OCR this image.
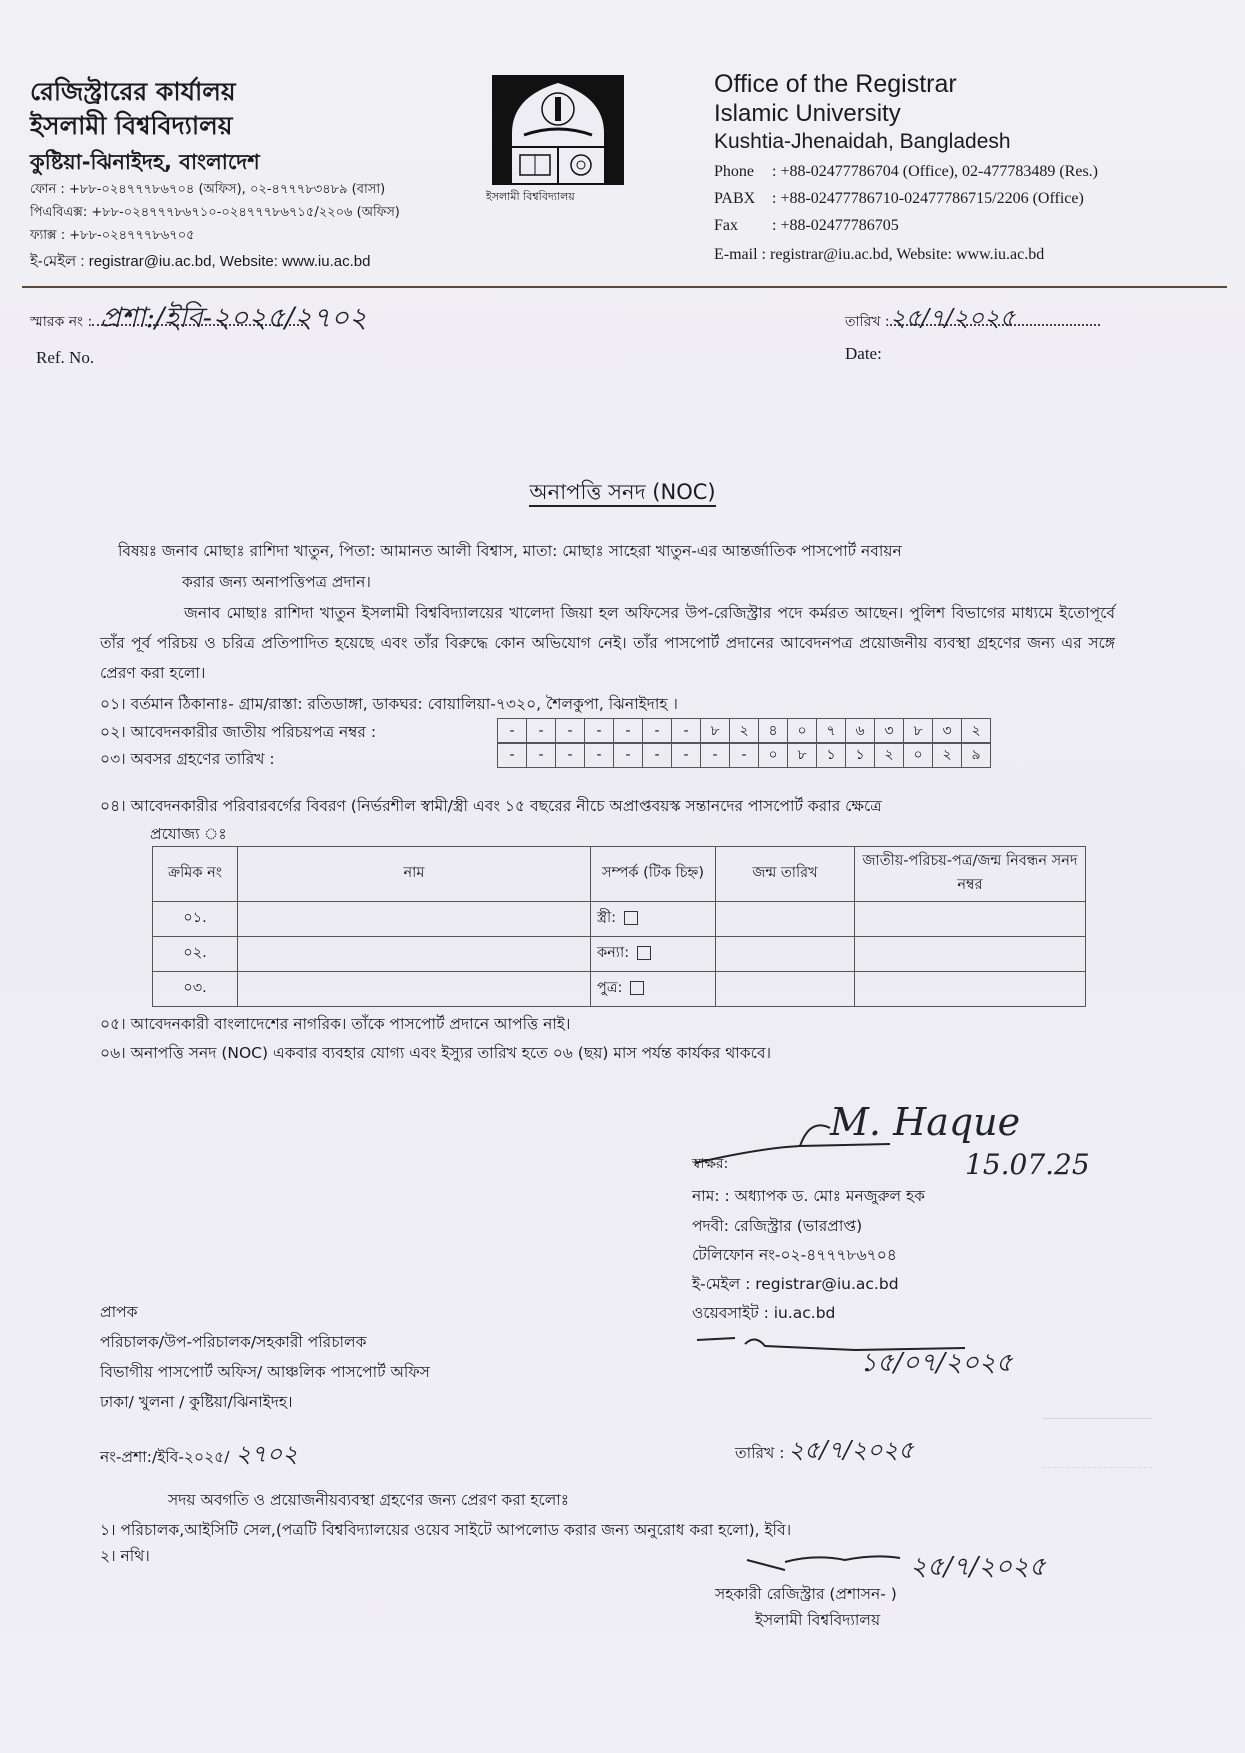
রেজিস্ট্রারের কার্যালয়
ইসলামী বিশ্ববিদ্যালয়
কুষ্টিয়া-ঝিনাইদহ, বাংলাদেশ
ফোন : +৮৮-০২৪৭৭৭৮৬৭০৪ (অফিস), ০২-৪৭৭৭৮৩৪৮৯ (বাসা)
পিএবিএক্স: +৮৮-০২৪৭৭৭৮৬৭১০-০২৪৭৭৭৮৬৭১৫/২২০৬ (অফিস)
ফ্যাক্স : +৮৮-০২৪৭৭৭৮৬৭০৫
ই-মেইল : registrar@iu.ac.bd, Website: www.iu.ac.bd
ইসলামী বিশ্ববিদ্যালয়
Office of the Registrar
Islamic University
Kushtia-Jhenaidah, Bangladesh
Phone : +88-02477786704 (Office), 02-477783489 (Res.)
PABX : +88-02477786710-02477786715/2206 (Office)
Fax : +88-02477786705
E-mail : registrar@iu.ac.bd, Website: www.iu.ac.bd
স্মারক নং : প্রশা:/ইবি-২০২৫/২৭০২
Ref. No.
তারিখ : ২৫/৭/২০২৫
Date:
অনাপত্তি সনদ (NOC)
বিষয়ঃ জনাব মোছাঃ রাশিদা খাতুন, পিতা: আমানত আলী বিশ্বাস, মাতা: মোছাঃ সাহেরা খাতুন-এর আন্তর্জাতিক পাসপোর্ট নবায়ন
করার জন্য অনাপত্তিপত্র প্রদান।
জনাব মোছাঃ রাশিদা খাতুন ইসলামী বিশ্ববিদ্যালয়ের খালেদা জিয়া হল অফিসের উপ-রেজিস্ট্রার পদে কর্মরত আছেন। পুলিশ বিভাগের মাধ্যমে ইতোপূর্বে তাঁর পূর্ব পরিচয় ও চরিত্র প্রতিপাদিত হয়েছে এবং তাঁর বিরুদ্ধে কোন অভিযোগ নেই। তাঁর পাসপোর্ট প্রদানের আবেদনপত্র প্রয়োজনীয় ব্যবস্থা গ্রহণের জন্য এর সঙ্গে প্রেরণ করা হলো।
০১। বর্তমান ঠিকানাঃ- গ্রাম/রাস্তা: রতিডাঙ্গা, ডাকঘর: বোয়ালিয়া-৭৩২০, শৈলকুপা, ঝিনাইদাহ ।
০২। আবেদনকারীর জাতীয় পরিচয়পত্র নম্বর :
০৩। অবসর গ্রহণের তারিখ :
-	-	-	-	-	-	-	৮	২	৪	০	৭	৬	৩	৮	৩	২
-	-	-	-	-	-	-	-	-	০	৮	১	১	২	০	২	৯
০৪। আবেদনকারীর পরিবারবর্গের বিবরণ (নির্ভরশীল স্বামী/স্ত্রী এবং ১৫ বছরের নীচে অপ্রাপ্তবয়স্ক সন্তানদের পাসপোর্ট করার ক্ষেত্রে
প্রযোজ্য ঃ
ক্রমিক নং	নাম	সম্পর্ক (টিক চিহ্ন)	জন্ম তারিখ	জাতীয়-পরিচয়-পত্র/জন্ম নিবন্ধন সনদ নম্বর
০১.		স্ত্রী:		
০২.		কন্যা:		
০৩.		পুত্র:		
০৫। আবেদনকারী বাংলাদেশের নাগরিক। তাঁকে পাসপোর্ট প্রদানে আপত্তি নাই।
০৬। অনাপত্তি সনদ (NOC) একবার ব্যবহার যোগ্য এবং ইস্যুর তারিখ হতে ০৬ (ছয়) মাস পর্যন্ত কার্যকর থাকবে।
M. Haque
15.07.25
স্বাক্ষর:
নাম: : অধ্যাপক ড. মোঃ মনজুরুল হক
পদবী: রেজিস্ট্রার (ভারপ্রাপ্ত)
টেলিফোন নং-০২-৪৭৭৭৮৬৭০৪
ই-মেইল : registrar@iu.ac.bd
ওয়েবসাইট : iu.ac.bd
১৫/০৭/২০২৫
প্রাপক
পরিচালক/উপ-পরিচালক/সহকারী পরিচালক
বিভাগীয় পাসপোর্ট অফিস/ আঞ্চলিক পাসপোর্ট অফিস
ঢাকা/ খুলনা / কুষ্টিয়া/ঝিনাইদহ।
নং-প্রশা:/ইবি-২০২৫/ ২৭০২	তারিখ : ২৫/৭/২০২৫
সদয় অবগতি ও প্রয়োজনীয়ব্যবস্থা গ্রহণের জন্য প্রেরণ করা হলোঃ
১। পরিচালক,আইসিটি সেল,(পত্রটি বিশ্ববিদ্যালয়ের ওয়েব সাইটে আপলোড করার জন্য অনুরোধ করা হলো), ইবি।
২। নথি।	২৫/৭/২০২৫
সহকারী রেজিস্ট্রার (প্রশাসন- )
ইসলামী বিশ্ববিদ্যালয়
